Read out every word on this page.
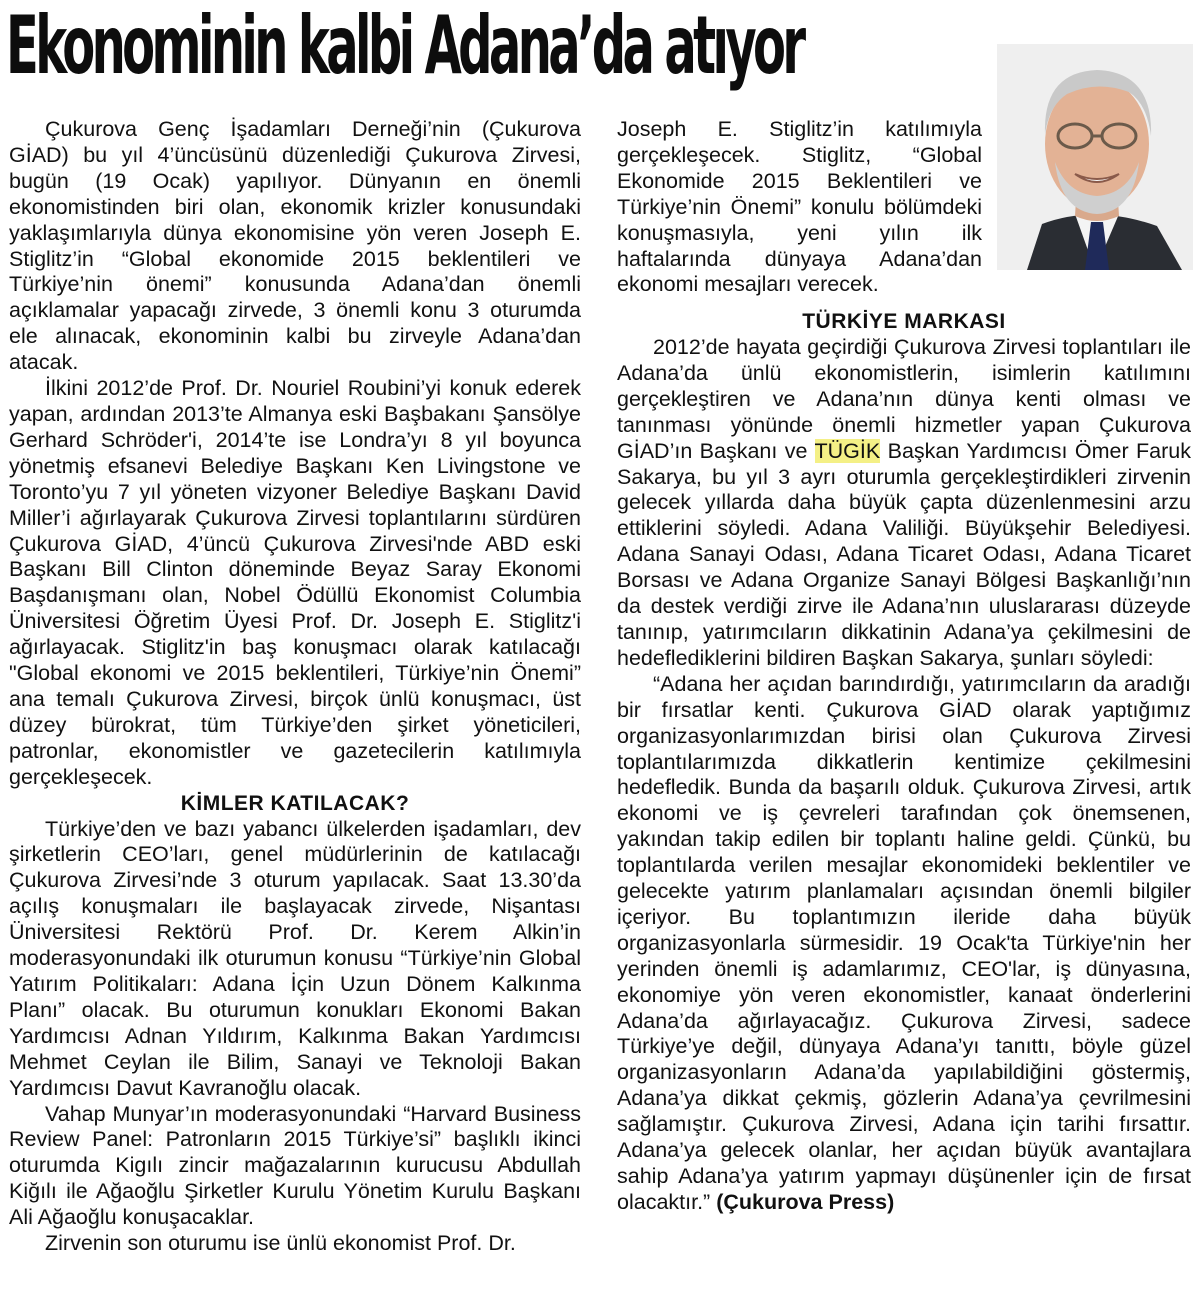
Ekonominin kalbi Adana’da atıyor

Çukurova Genç İşadamları Derneği’nin (Çukurova GİAD) bu yıl 4’üncüsünü düzenlediği Çukurova Zirvesi, bugün (19 Ocak) yapılıyor. Dünyanın en önemli ekonomistinden biri olan, ekonomik krizler konusundaki yaklaşımlarıyla dünya ekonomisine yön veren Joseph E. Stiglitz’in “Global ekonomide 2015 beklentileri ve Türkiye’nin önemi” konusunda Adana’dan önemli açıklamalar yapacağı zirvede, 3 önemli konu 3 oturumda ele alınacak, ekonominin kalbi bu zirveyle Adana’dan atacak.

İlkini 2012’de Prof. Dr. Nouriel Roubini’yi konuk ederek yapan, ardından 2013’te Almanya eski Başbakanı Şansölye Gerhard Schröder'i, 2014’te ise Londra’yı 8 yıl boyunca yönetmiş efsanevi Belediye Başkanı Ken Livingstone ve Toronto’yu 7 yıl yöneten vizyoner Belediye Başkanı David Miller’i ağırlayarak Çukurova Zirvesi toplantılarını sürdüren Çukurova GİAD, 4’üncü Çukurova Zirvesi'nde ABD eski Başkanı Bill Clinton döneminde Beyaz Saray Ekonomi Başdanışmanı olan, Nobel Ödüllü Ekonomist Columbia Üniversitesi Öğretim Üyesi Prof. Dr. Joseph E. Stiglitz'i ağırlayacak. Stiglitz'in baş konuşmacı olarak katılacağı "Global ekonomi ve 2015 beklentileri, Türkiye’nin Önemi” ana temalı Çukurova Zirvesi, birçok ünlü konuşmacı, üst düzey bürokrat, tüm Türkiye’den şirket yöneticileri, patronlar, ekonomistler ve gazetecilerin katılımıyla gerçekleşecek.

KİMLER KATILACAK?

Türkiye’den ve bazı yabancı ülkelerden işadamları, dev şirketlerin CEO’ları, genel müdürlerinin de katılacağı Çukurova Zirvesi’nde 3 oturum yapılacak. Saat 13.30’da açılış konuşmaları ile başlayacak zirvede, Nişantası Üniversitesi Rektörü Prof. Dr. Kerem Alkin’in moderasyonundaki ilk oturumun konusu “Türkiye’nin Global Yatırım Politikaları: Adana İçin Uzun Dönem Kalkınma Planı” olacak. Bu oturumun konukları Ekonomi Bakan Yardımcısı Adnan Yıldırım, Kalkınma Bakan Yardımcısı Mehmet Ceylan ile Bilim, Sanayi ve Teknoloji Bakan Yardımcısı Davut Kavranoğlu olacak.

Vahap Munyar’ın moderasyonundaki “Harvard Business Review Panel: Patronların 2015 Türkiye’si” başlıklı ikinci oturumda Kigılı zincir mağazalarının kurucusu Abdullah Kiğılı ile Ağaoğlu Şirketler Kurulu Yönetim Kurulu Başkanı Ali Ağaoğlu konuşacaklar.

Zirvenin son oturumu ise ünlü ekonomist Prof. Dr.

Joseph E. Stiglitz’in katılımıyla gerçekleşecek. Stiglitz, “Global Ekonomide 2015 Beklentileri ve Türkiye’nin Önemi” konulu bölümdeki konuşmasıyla, yeni yılın ilk haftalarında dünyaya Adana’dan ekonomi mesajları verecek.

TÜRKİYE MARKASI

2012’de hayata geçirdiği Çukurova Zirvesi toplantıları ile Adana’da ünlü ekonomistlerin, isimlerin katılımını gerçekleştiren ve Adana’nın dünya kenti olması ve tanınması yönünde önemli hizmetler yapan Çukurova GİAD’ın Başkanı ve TÜGİK Başkan Yardımcısı Ömer Faruk Sakarya, bu yıl 3 ayrı oturumla gerçekleştirdikleri zirvenin gelecek yıllarda daha büyük çapta düzenlenmesini arzu ettiklerini söyledi. Adana Valiliği. Büyükşehir Belediyesi. Adana Sanayi Odası, Adana Ticaret Odası, Adana Ticaret Borsası ve Adana Organize Sanayi Bölgesi Başkanlığı’nın da destek verdiği zirve ile Adana’nın uluslararası düzeyde tanınıp, yatırımcıların dikkatinin Adana’ya çekilmesini de hedeflediklerini bildiren Başkan Sakarya, şunları söyledi:

“Adana her açıdan barındırdığı, yatırımcıların da aradığı bir fırsatlar kenti. Çukurova GİAD olarak yaptığımız organizasyonlarımızdan birisi olan Çukurova Zirvesi toplantılarımızda dikkatlerin kentimize çekilmesini hedefledik. Bunda da başarılı olduk. Çukurova Zirvesi, artık ekonomi ve iş çevreleri tarafından çok önemsenen, yakından takip edilen bir toplantı haline geldi. Çünkü, bu toplantılarda verilen mesajlar ekonomideki beklentiler ve gelecekte yatırım planlamaları açısından önemli bilgiler içeriyor. Bu toplantımızın ileride daha büyük organizasyonlarla sürmesidir. 19 Ocak'ta Türkiye'nin her yerinden önemli iş adamlarımız, CEO'lar, iş dünyasına, ekonomiye yön veren ekonomistler, kanaat önderlerini Adana’da ağırlayacağız. Çukurova Zirvesi, sadece Türkiye’ye değil, dünyaya Adana’yı tanıttı, böyle güzel organizasyonların Adana’da yapılabildiğini göstermiş, Adana’ya dikkat çekmiş, gözlerin Adana’ya çevrilmesini sağlamıştır. Çukurova Zirvesi, Adana için tarihi fırsattır. Adana’ya gelecek olanlar, her açıdan büyük avantajlara sahip Adana’ya yatırım yapmayı düşünenler için de fırsat olacaktır.” (Çukurova Press)
